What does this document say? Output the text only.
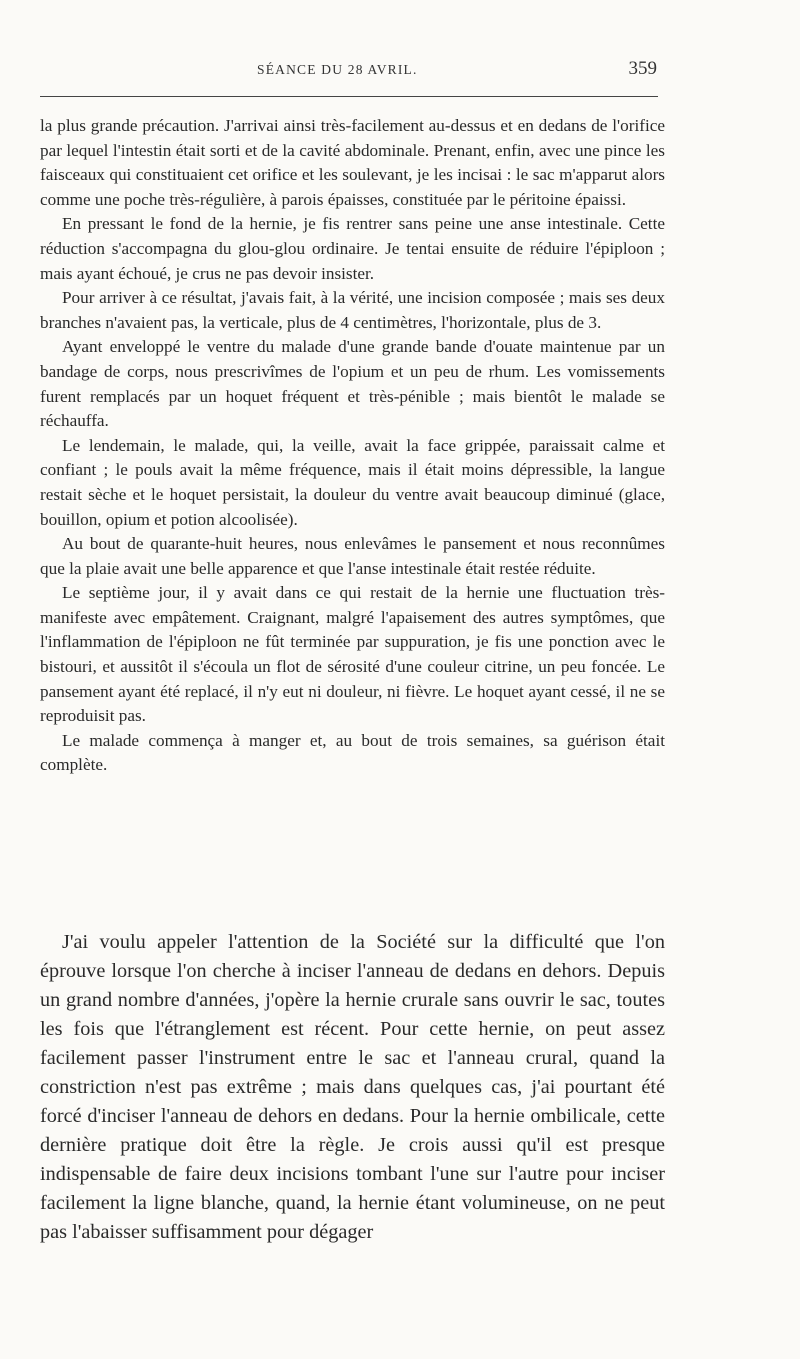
SÉANCE DU 28 AVRIL.	359

la plus grande précaution. J'arrivai ainsi très-facilement au-dessus et en dedans de l'orifice par lequel l'intestin était sorti et de la cavité abdominale. Prenant, enfin, avec une pince les faisceaux qui constituaient cet orifice et les soulevant, je les incisai : le sac m'apparut alors comme une poche très-régulière, à parois épaisses, constituée par le péritoine épaissi.

En pressant le fond de la hernie, je fis rentrer sans peine une anse intestinale. Cette réduction s'accompagna du glou-glou ordinaire. Je tentai ensuite de réduire l'épiploon ; mais ayant échoué, je crus ne pas devoir insister.

Pour arriver à ce résultat, j'avais fait, à la vérité, une incision composée ; mais ses deux branches n'avaient pas, la verticale, plus de 4 centimètres, l'horizontale, plus de 3.

Ayant enveloppé le ventre du malade d'une grande bande d'ouate maintenue par un bandage de corps, nous prescrivîmes de l'opium et un peu de rhum. Les vomissements furent remplacés par un hoquet fréquent et très-pénible ; mais bientôt le malade se réchauffa.

Le lendemain, le malade, qui, la veille, avait la face grippée, paraissait calme et confiant ; le pouls avait la même fréquence, mais il était moins dépressible, la langue restait sèche et le hoquet persistait, la douleur du ventre avait beaucoup diminué (glace, bouillon, opium et potion alcoolisée).

Au bout de quarante-huit heures, nous enlevâmes le pansement et nous reconnûmes que la plaie avait une belle apparence et que l'anse intestinale était restée réduite.

Le septième jour, il y avait dans ce qui restait de la hernie une fluctuation très-manifeste avec empâtement. Craignant, malgré l'apaisement des autres symptômes, que l'inflammation de l'épiploon ne fût terminée par suppuration, je fis une ponction avec le bistouri, et aussitôt il s'écoula un flot de sérosité d'une couleur citrine, un peu foncée. Le pansement ayant été replacé, il n'y eut ni douleur, ni fièvre. Le hoquet ayant cessé, il ne se reproduisit pas.

Le malade commença à manger et, au bout de trois semaines, sa guérison était complète.

J'ai voulu appeler l'attention de la Société sur la difficulté que l'on éprouve lorsque l'on cherche à inciser l'anneau de dedans en dehors. Depuis un grand nombre d'années, j'opère la hernie crurale sans ouvrir le sac, toutes les fois que l'étranglement est récent. Pour cette hernie, on peut assez facilement passer l'instrument entre le sac et l'anneau crural, quand la constriction n'est pas extrême ; mais dans quelques cas, j'ai pourtant été forcé d'inciser l'anneau de dehors en dedans. Pour la hernie ombilicale, cette dernière pratique doit être la règle. Je crois aussi qu'il est presque indispensable de faire deux incisions tombant l'une sur l'autre pour inciser facilement la ligne blanche, quand, la hernie étant volumineuse, on ne peut pas l'abaisser suffisamment pour dégager
